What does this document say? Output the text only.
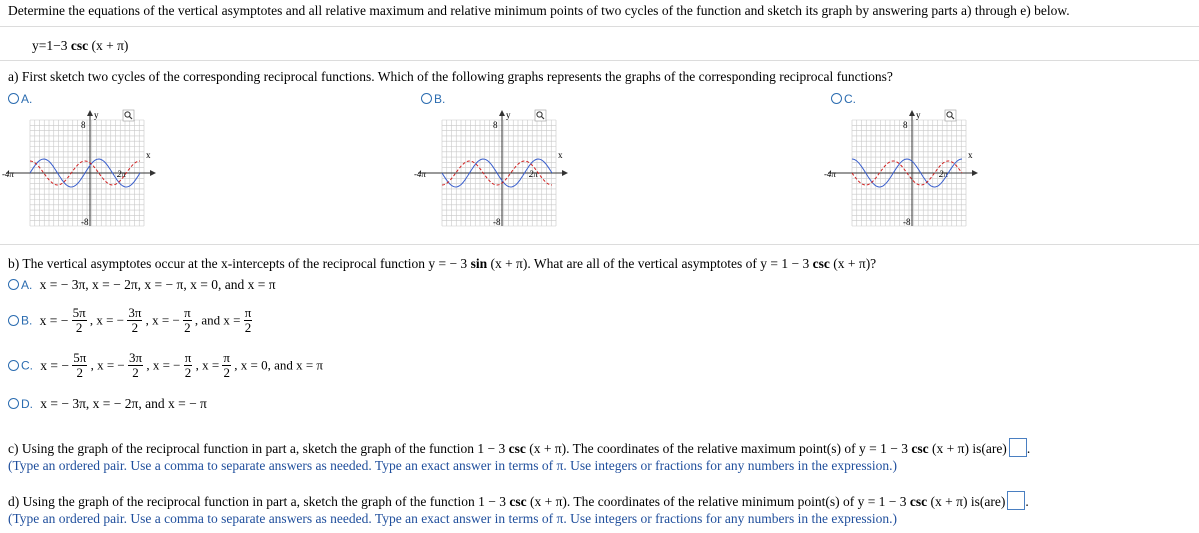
Determine the equations of the vertical asymptotes and all relative maximum and relative minimum points of two cycles of the function and sketch its graph by answering parts a) through e) below.
y=1−3 csc (x + π)
a) First sketch two cycles of the corresponding reciprocal functions. Which of the following graphs represents the graphs of the corresponding reciprocal functions?
A.	B.	C.
y
x
8
-8
-4π	2π
y
x
8
-8
-4π	2π
y
x
8
-8
-4π	2π
b) The vertical asymptotes occur at the x-intercepts of the reciprocal function y = − 3 sin (x + π). What are all of the vertical asymptotes of y = 1 − 3 csc (x + π)?
A. x = − 3π, x = − 2π, x = − π, x = 0, and x = π
B. x = − $\frac{5\pi}{2}$ , x = − $\frac{3\pi}{2}$ , x = − $\frac{\pi}{2}$ , and $x = \frac{\pi}{2}$
C. x = − $\frac{5\pi}{2}$ , x = − $\frac{3\pi}{2}$ , x = − $\frac{\pi}{2}$ , $x = \frac{\pi}{2}$ , x = 0, and x = π
D. x = − 3π, x = − 2π, and x = − π
c) Using the graph of the reciprocal function in part a, sketch the graph of the function 1 − 3 csc (x + π). The coordinates of the relative maximum point(s) of y = 1 − 3 csc (x + π) is(are) .
(Type an ordered pair. Use a comma to separate answers as needed. Type an exact answer in terms of π. Use integers or fractions for any numbers in the expression.)
d) Using the graph of the reciprocal function in part a, sketch the graph of the function 1 − 3 csc (x + π). The coordinates of the relative minimum point(s) of y = 1 − 3 csc (x + π) is(are) .
(Type an ordered pair. Use a comma to separate answers as needed. Type an exact answer in terms of π. Use integers or fractions for any numbers in the expression.)
